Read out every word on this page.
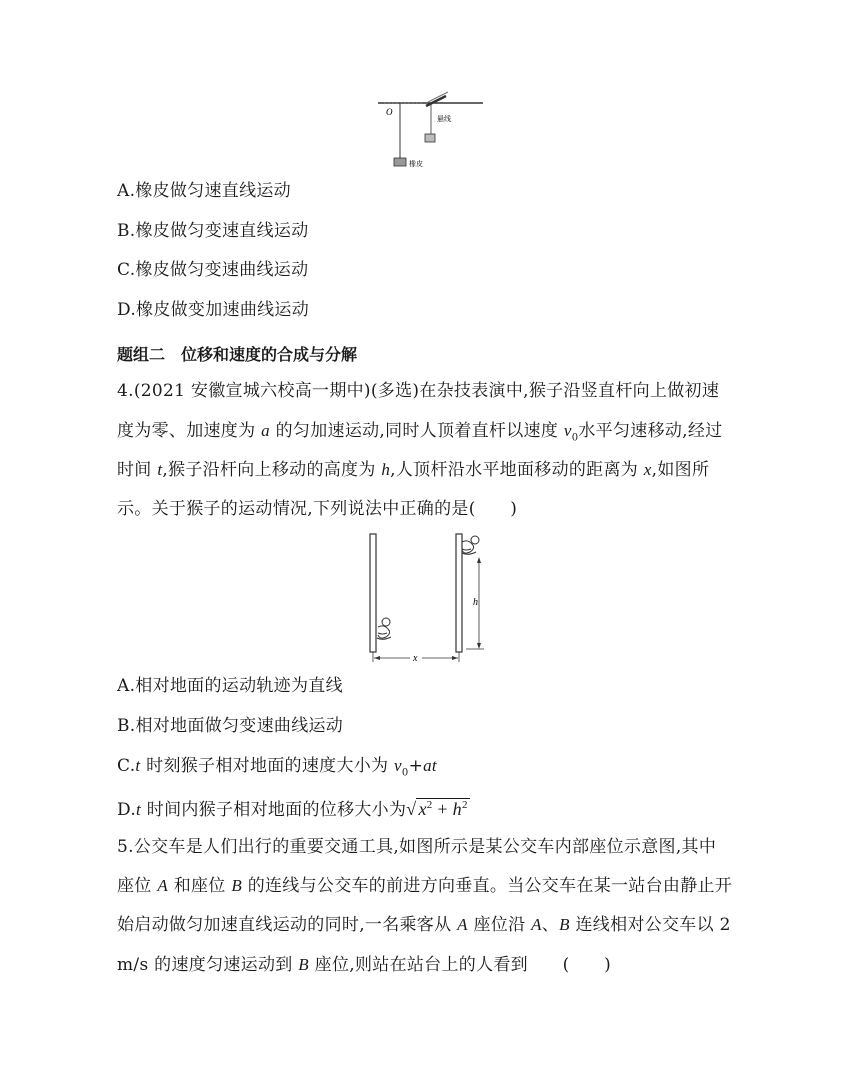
O
悬线
橡皮
A.橡皮做匀速直线运动
B.橡皮做匀变速直线运动
C.橡皮做匀变速曲线运动
D.橡皮做变加速曲线运动
题组二　位移和速度的合成与分解
4.(2021 安徽宣城六校高一期中)(多选)在杂技表演中,猴子沿竖直杆向上做初速
度为零、加速度为 a 的匀加速运动,同时人顶着直杆以速度 $v_0$水平匀速移动,经过
时间 t,猴子沿杆向上移动的高度为 h,人顶杆沿水平地面移动的距离为 x,如图所
示。关于猴子的运动情况,下列说法中正确的是(　　)
h
x
A.相对地面的运动轨迹为直线
B.相对地面做匀变速曲线运动
C.t 时刻猴子相对地面的速度大小为 $v_0+at$
D.t 时间内猴子相对地面的位移大小为√ $x^2 + h^2$
5.公交车是人们出行的重要交通工具,如图所示是某公交车内部座位示意图,其中
座位 A 和座位 B 的连线与公交车的前进方向垂直。当公交车在某一站台由静止开
始启动做匀加速直线运动的同时,一名乘客从 A 座位沿 A、B 连线相对公交车以 2
m/s 的速度匀速运动到 B 座位,则站在站台上的人看到　　(　　)
